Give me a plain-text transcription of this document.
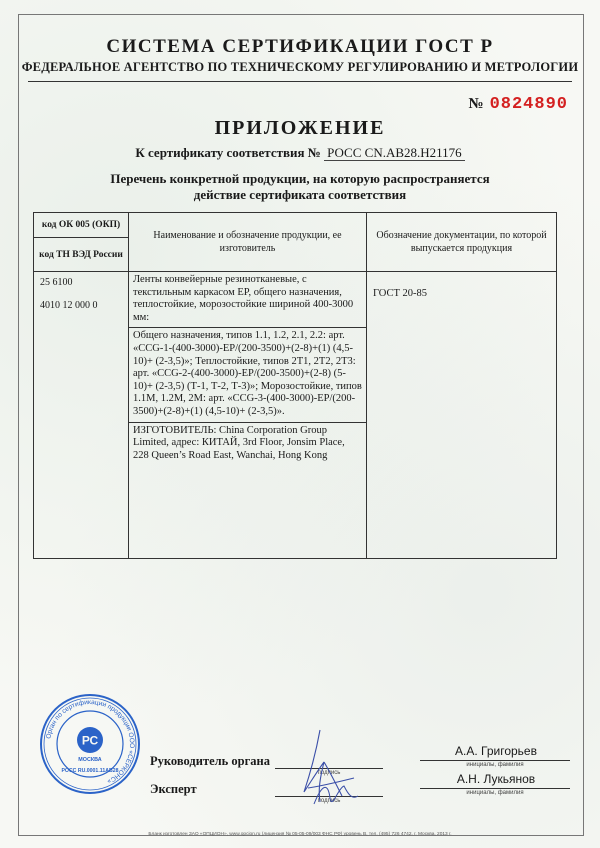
СИСТЕМА СЕРТИФИКАЦИИ ГОСТ Р
ФЕДЕРАЛЬНОЕ АГЕНТСТВО ПО ТЕХНИЧЕСКОМУ РЕГУЛИРОВАНИЮ И МЕТРОЛОГИИ
№ 0824890
ПРИЛОЖЕНИЕ
К сертификату соответствия № РОСС CN.АВ28.Н21176
Перечень конкретной продукции, на которую распространяется
действие сертификата соответствия
код ОК 005 (ОКП)
код ТН ВЭД России
Наименование и обозначение продукции, ее изготовитель
Обозначение документации, по которой выпускается продукция
25 6100
4010 12 000 0
Ленты конвейерные резинотканевые, с текстильным каркасом EP, общего назначения, теплостойкие, морозостойкие шириной 400-3000 мм:
Общего назначения, типов 1.1, 1.2, 2.1, 2.2: арт. «CCG-1-(400-3000)-EP/(200-3500)+(2-8)+(1) (4,5-10)+ (2-3,5)»; Теплостойкие, типов 2Т1, 2Т2, 2Т3: арт. «CCG-2-(400-3000)-EP/(200-3500)+(2-8) (5-10)+ (2-3,5) (Т-1, Т-2, Т-3)»; Морозостойкие, типов 1.1М, 1.2М, 2М: арт. «CCG-3-(400-3000)-EP/(200-3500)+(2-8)+(1) (4,5-10)+ (2-3,5)».
ИЗГОТОВИТЕЛЬ: China Corporation Group Limited, адрес: КИТАЙ, 3rd Floor, Jonsim Place, 228 Queen’s Road East, Wanchai, Hong Kong
ГОСТ 20-85
Орган по сертификации продукции ООО «СЕРКОНС»
РС
МОСКВА
РОСС RU.0001.11АВ28
Руководитель органа
подпись
А.А. Григорьев
инициалы, фамилия
Эксперт
подпись
А.Н. Лукьянов
инициалы, фамилия
Бланк изготовлен ЗАО «ОПЦИОН», www.opcion.ru (лицензия № 05-05-09/003 ФНС РФ) уровень В, тел. (495) 726 4742. г. Москва, 2013 г.
